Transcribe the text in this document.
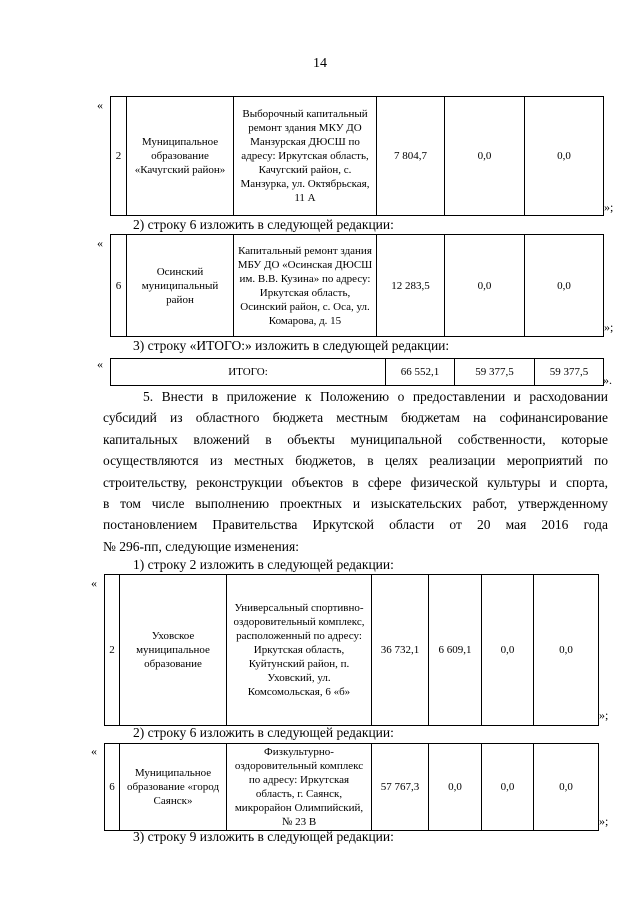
14
«
2	Муниципальное образование «Качугский район»	Выборочный капитальный ремонт здания МКУ ДО Манзурская ДЮСШ по адресу: Иркутская область, Качугский район, с. Манзурка, ул. Октябрьская, 11 А	7 804,7	0,0	0,0
»;
2) строку 6 изложить в следующей редакции:
«
6	Осинский муниципальный район	Капитальный ремонт здания МБУ ДО «Осинская ДЮСШ им. В.В. Кузина» по адресу: Иркутская область, Осинский район, с. Оса, ул. Комарова, д. 15	12 283,5	0,0	0,0
»;
3) строку «ИТОГО:» изложить в следующей редакции:
«
ИТОГО:	66 552,1	59 377,5	59 377,5
».
5. Внести в приложение к Положению о предоставлении и расходовании
субсидий из областного бюджета местным бюджетам на софинансирование
капитальных вложений в объекты муниципальной собственности, которые
осуществляются из местных бюджетов, в целях реализации мероприятий по
строительству, реконструкции объектов в сфере физической культуры и спорта,
в том числе выполнению проектных и изыскательских работ, утвержденному
постановлением Правительства Иркутской области от 20 мая 2016 года
№ 296-пп, следующие изменения:
1) строку 2 изложить в следующей редакции:
«
2	Уховское муниципальное образование	Универсальный спортивно-оздоровительный комплекс, расположенный по адресу: Иркутская область, Куйтунский район, п. Уховский, ул. Комсомольская, 6 «б»	36 732,1	6 609,1	0,0	0,0
»;
2) строку 6 изложить в следующей редакции:
«
6	Муниципальное образование «город Саянск»	Физкультурно-оздоровительный комплекс по адресу: Иркутская область, г. Саянск, микрорайон Олимпийский, № 23 В	57 767,3	0,0	0,0	0,0
»;
3) строку 9 изложить в следующей редакции:
